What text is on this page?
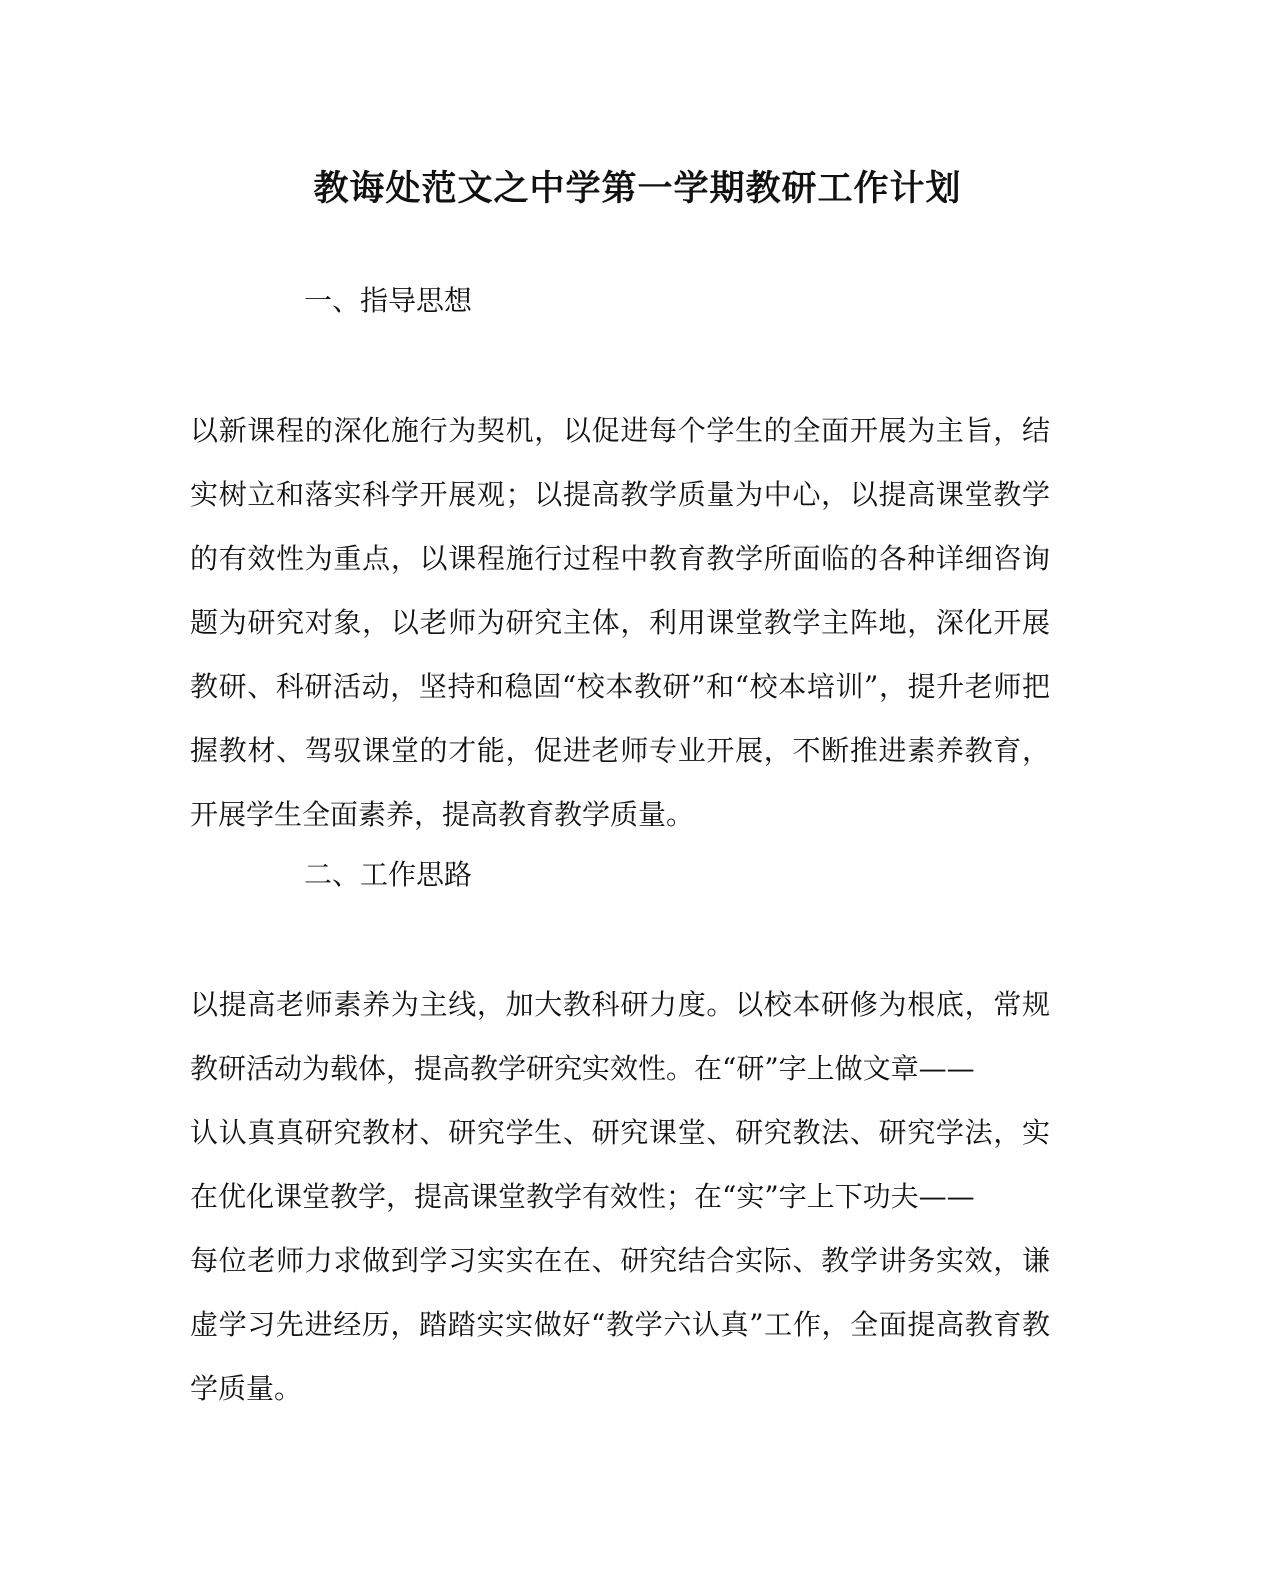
教诲处范文之中学第一学期教研工作计划
一、指导思想
以新课程的深化施行为契机，以促进每个学生的全面开展为主旨，结
实树立和落实科学开展观；以提高教学质量为中心，以提高课堂教学
的有效性为重点，以课程施行过程中教育教学所面临的各种详细咨询
题为研究对象，以老师为研究主体，利用课堂教学主阵地，深化开展
教研、科研活动，坚持和稳固“校本教研”和“校本培训”，提升老师把
握教材、驾驭课堂的才能，促进老师专业开展，不断推进素养教育，
开展学生全面素养，提高教育教学质量。
二、工作思路
以提高老师素养为主线，加大教科研力度。以校本研修为根底，常规
教研活动为载体，提高教学研究实效性。在“研”字上做文章——
认认真真研究教材、研究学生、研究课堂、研究教法、研究学法，实
在优化课堂教学，提高课堂教学有效性；在“实”字上下功夫——
每位老师力求做到学习实实在在、研究结合实际、教学讲务实效，谦
虚学习先进经历，踏踏实实做好“教学六认真”工作，全面提高教育教
学质量。
